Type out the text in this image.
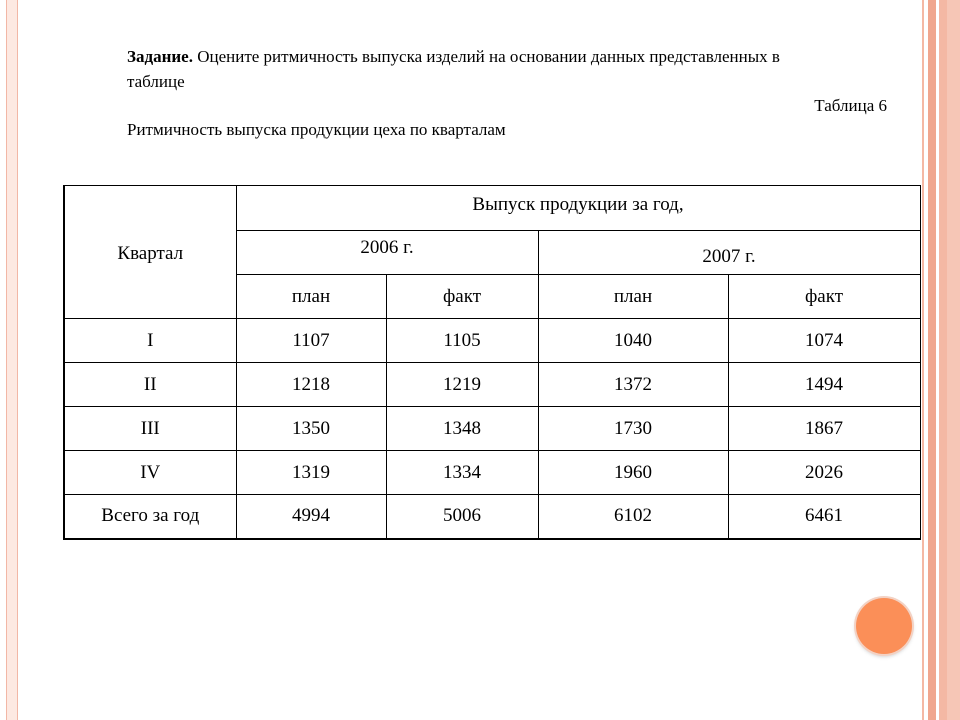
Задание. Оцените ритмичность выпуска изделий на основании данных представленных в таблице
Таблица 6
Ритмичность выпуска продукции цеха по кварталам
Квартал	Выпуск продукции за год,			
	2006 г.		2007 г.	
	план	факт	план	факт
I	1107	1105	1040	1074
II	1218	1219	1372	1494
III	1350	1348	1730	1867
IV	1319	1334	1960	2026
Всего за год	4994	5006	6102	6461
